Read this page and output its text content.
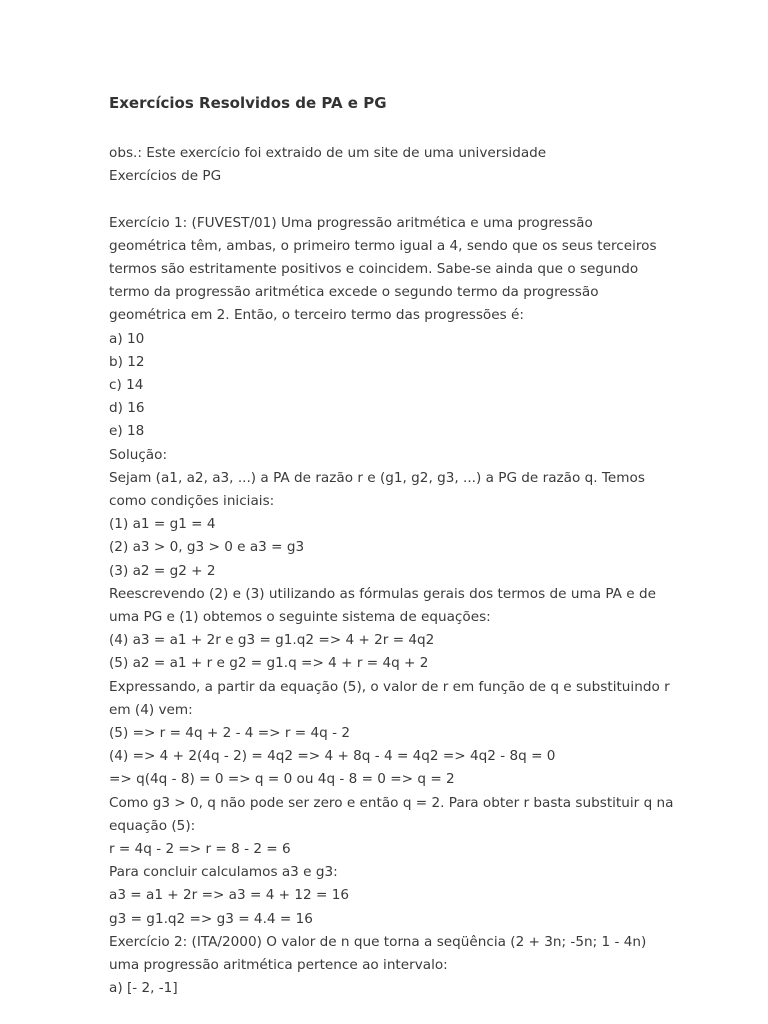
Exercícios Resolvidos de PA e PG

obs.: Este exercício foi extraido de um site de uma universidade

Exercícios de PG

Exercício 1: (FUVEST/01) Uma progressão aritmética e uma progressão

geométrica têm, ambas, o primeiro termo igual a 4, sendo que os seus terceiros

termos são estritamente positivos e coincidem. Sabe-se ainda que o segundo

termo da progressão aritmética excede o segundo termo da progressão

geométrica em 2. Então, o terceiro termo das progressões é:

a) 10

b) 12

c) 14

d) 16

e) 18

Solução:

Sejam (a1, a2, a3, ...) a PA de razão r e (g1, g2, g3, ...) a PG de razão q. Temos

como condições iniciais:

(1) a1 = g1 = 4

(2) a3 > 0, g3 > 0 e a3 = g3

(3) a2 = g2 + 2

Reescrevendo (2) e (3) utilizando as fórmulas gerais dos termos de uma PA e de

uma PG e (1) obtemos o seguinte sistema de equações:

(4) a3 = a1 + 2r e g3 = g1.q2 => 4 + 2r = 4q2

(5) a2 = a1 + r e g2 = g1.q => 4 + r = 4q + 2

Expressando, a partir da equação (5), o valor de r em função de q e substituindo r

em (4) vem:

(5) => r = 4q + 2 - 4 => r = 4q - 2

(4) => 4 + 2(4q - 2) = 4q2 => 4 + 8q - 4 = 4q2 => 4q2 - 8q = 0

=> q(4q - 8) = 0 => q = 0 ou 4q - 8 = 0 => q = 2

Como g3 > 0, q não pode ser zero e então q = 2. Para obter r basta substituir q na

equação (5):

r = 4q - 2 => r = 8 - 2 = 6

Para concluir calculamos a3 e g3:

a3 = a1 + 2r => a3 = 4 + 12 = 16

g3 = g1.q2 => g3 = 4.4 = 16

Exercício 2: (ITA/2000) O valor de n que torna a seqüência (2 + 3n; -5n; 1 - 4n)

uma progressão aritmética pertence ao intervalo:

a) [- 2, -1]
